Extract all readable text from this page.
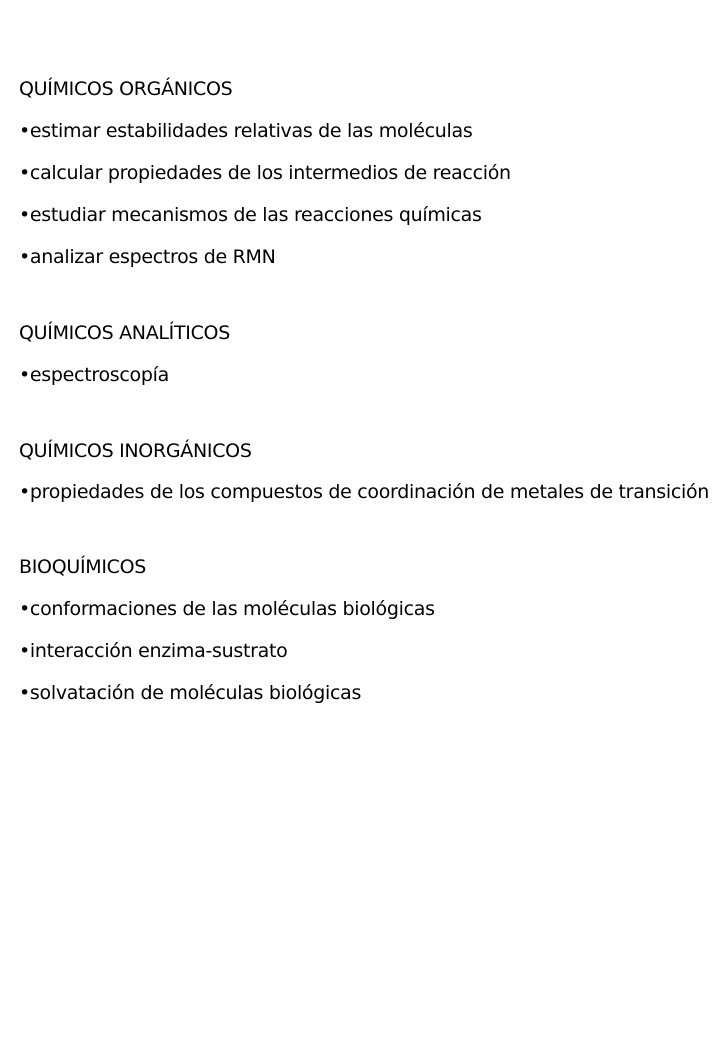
QUÍMICOS ORGÁNICOS

•estimar estabilidades relativas de las moléculas
•calcular propiedades de los intermedios de reacción
•estudiar mecanismos de las reacciones químicas
•analizar espectros de RMN

QUÍMICOS ANALÍTICOS

•espectroscopía

QUÍMICOS INORGÁNICOS

•propiedades de los compuestos de coordinación de metales de transición

BIOQUÍMICOS

•conformaciones de las moléculas biológicas
•interacción enzima-sustrato
•solvatación de moléculas biológicas
